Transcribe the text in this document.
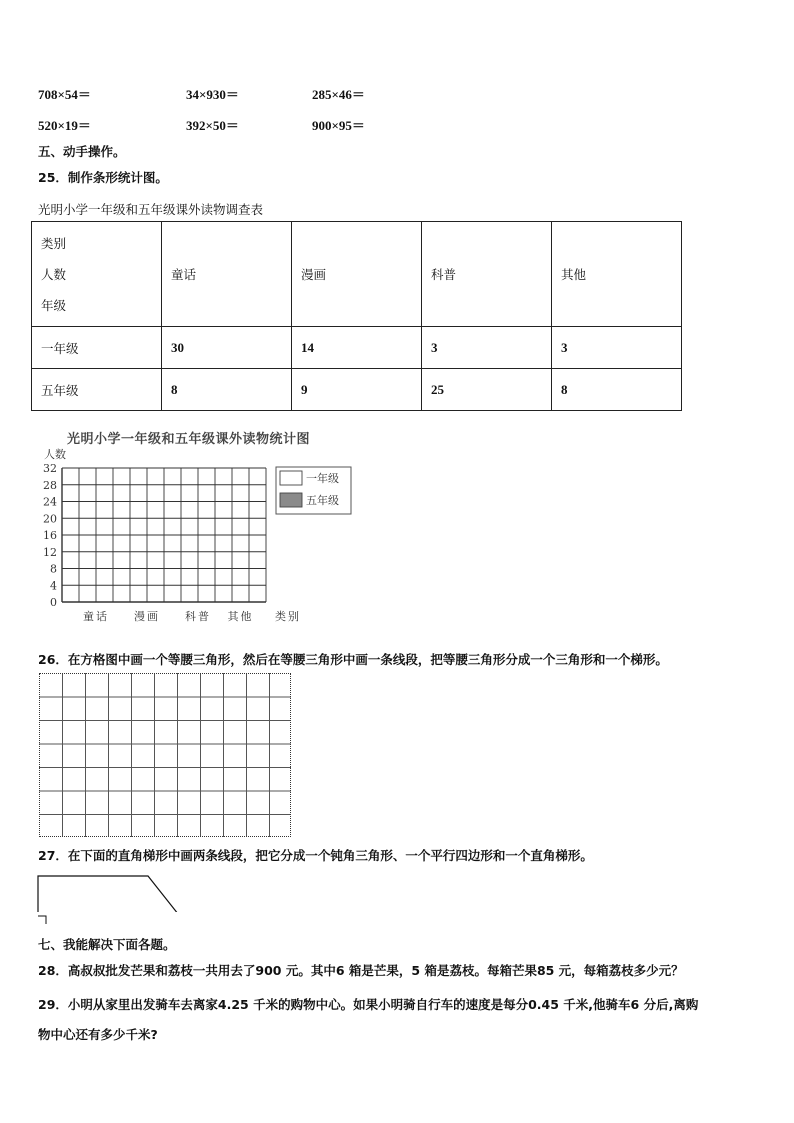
708×54＝	34×930＝	285×46＝
520×19＝	392×50＝	900×95＝
五、动手操作。
25．制作条形统计图。
光明小学一年级和五年级课外读物调查表
类别
人数
年级	童话	漫画	科普	其他
一年级	30	14	3	3
五年级	8	9	25	8
光明小学一年级和五年级课外读物统计图
人数
32
28
24
20
16
12
8
4
0
童话 漫画 科普 其他 类别
一年级
五年级
26．在方格图中画一个等腰三角形，然后在等腰三角形中画一条线段，把等腰三角形分成一个三角形和一个梯形。
27．在下面的直角梯形中画两条线段，把它分成一个钝角三角形、一个平行四边形和一个直角梯形。
七、我能解决下面各题。
28．高叔叔批发芒果和荔枝一共用去了900 元。其中6 箱是芒果，5 箱是荔枝。每箱芒果85 元，每箱荔枝多少元？
29．小明从家里出发骑车去离家4.25 千米的购物中心。如果小明骑自行车的速度是每分0.45 千米,他骑车6 分后,离购
物中心还有多少千米?
